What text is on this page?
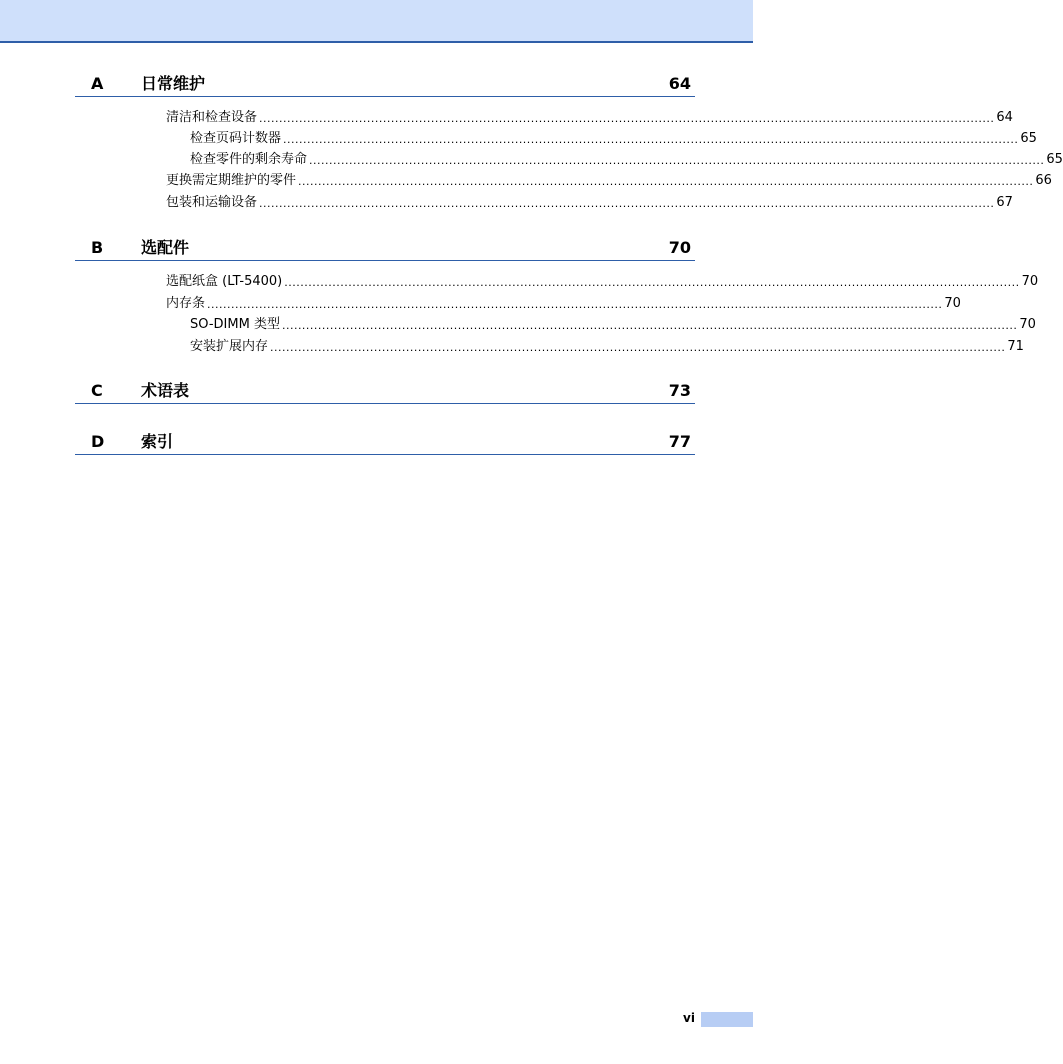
A 日常维护	64
清洁和检查设备 ........................................................................................................................................................................................ 64
检查页码计数器 ........................................................................................................................................................................................ 65
检查零件的剩余寿命 ........................................................................................................................................................................................ 65
更换需定期维护的零件 ........................................................................................................................................................................................ 66
包装和运输设备 ........................................................................................................................................................................................ 67
B 选配件	70
选配纸盒 (LT-5400) ........................................................................................................................................................................................ 70
内存条 ........................................................................................................................................................................................ 70
SO-DIMM 类型 ........................................................................................................................................................................................ 70
安装扩展内存 ........................................................................................................................................................................................ 71
C 术语表	73
D 索引	77
vi
